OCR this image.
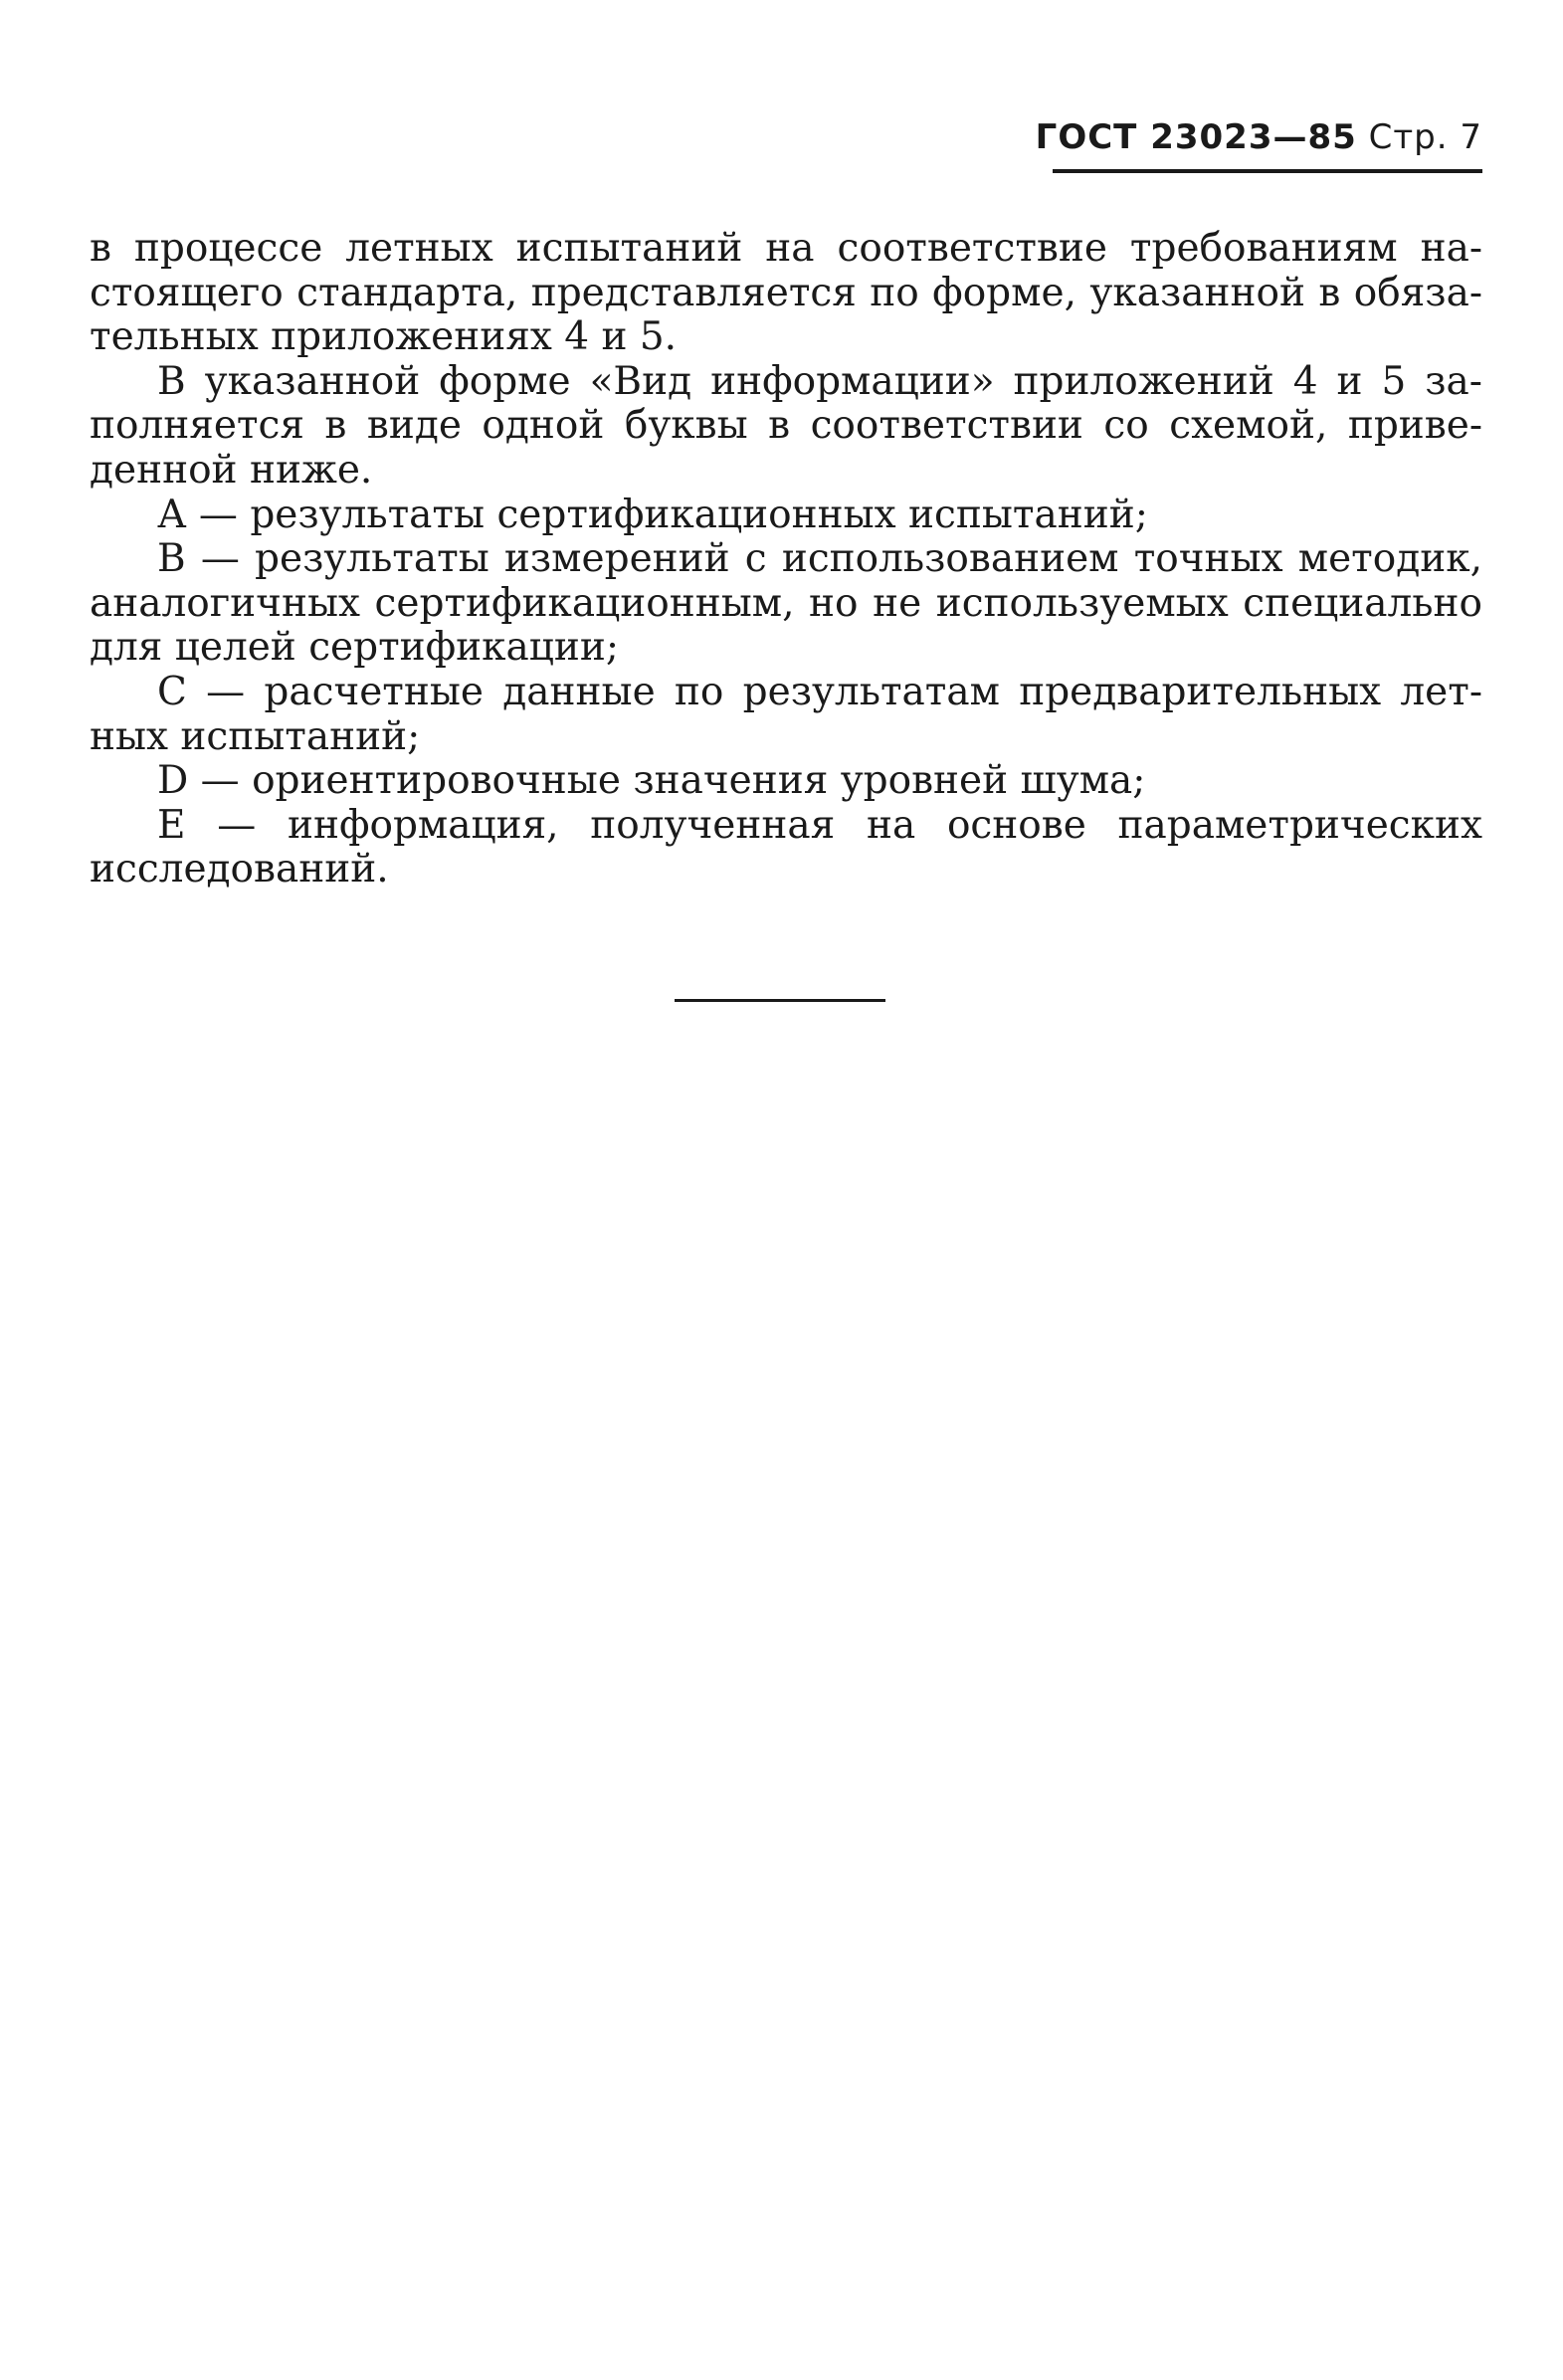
ГОСТ 23023—85 Стр. 7
в процессе летных испытаний на соответствие требованиям на-
стоящего стандарта, представляется по форме, указанной в обяза-
тельных приложениях 4 и 5.
В указанной форме «Вид информации» приложений 4 и 5 за-
полняется в виде одной буквы в соответствии со схемой, приве-
денной ниже.
А — результаты сертификационных испытаний;
В — результаты измерений с использованием точных методик,
аналогичных сертификационным, но не используемых специально
для целей сертификации;
С — расчетные данные по результатам предварительных лет-
ных испытаний;
D — ориентировочные значения уровней шума;
Е — информация, полученная на основе параметрических
исследований.
